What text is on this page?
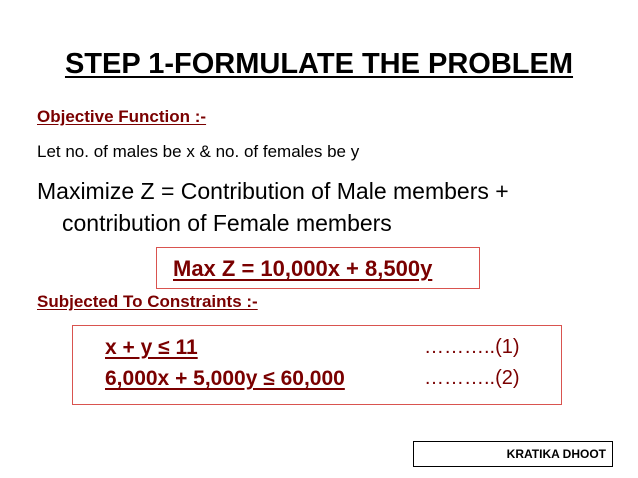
STEP 1-FORMULATE THE PROBLEM
Objective Function :-
Let no. of males be x & no. of females be y
Maximize Z = Contribution of Male members +
contribution of Female members
Max Z = 10,000x + 8,500y
Subjected To Constraints :-
x + y ≤ 11	………..(1)
6,000x + 5,000y ≤ 60,000	………..(2)
KRATIKA DHOOT
